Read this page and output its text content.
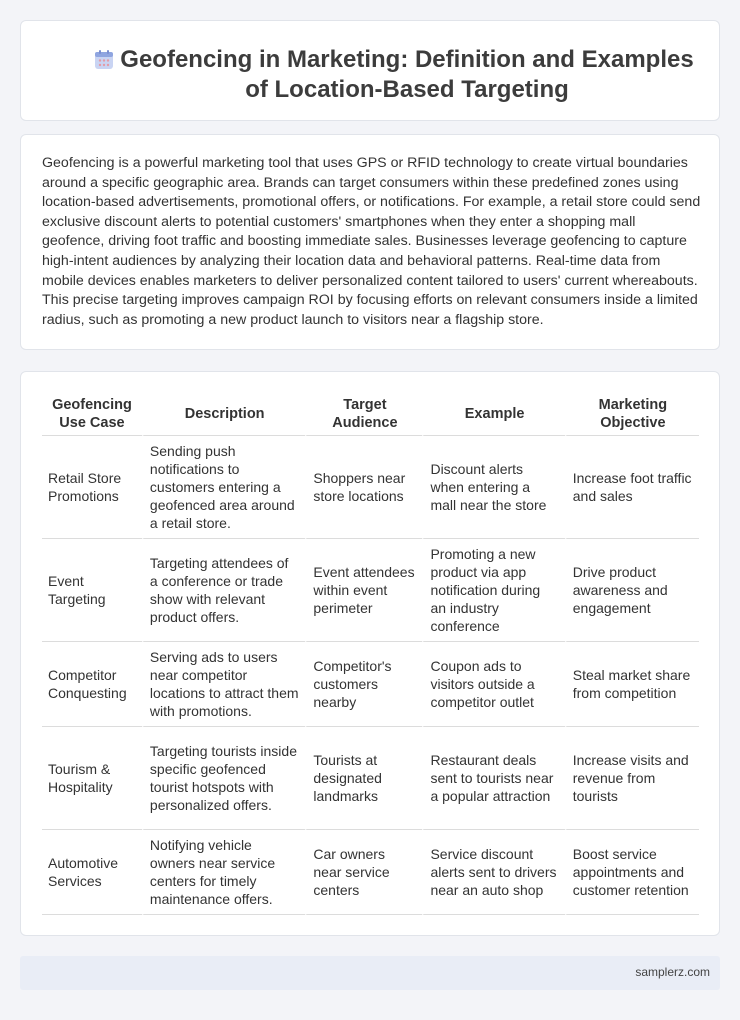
Geofencing in Marketing: Definition and Examples of Location-Based Targeting

Geofencing is a powerful marketing tool that uses GPS or RFID technology to create virtual boundaries around a specific geographic area. Brands can target consumers within these predefined zones using location-based advertisements, promotional offers, or notifications. For example, a retail store could send exclusive discount alerts to potential customers' smartphones when they enter a shopping mall geofence, driving foot traffic and boosting immediate sales. Businesses leverage geofencing to capture high-intent audiences by analyzing their location data and behavioral patterns. Real-time data from mobile devices enables marketers to deliver personalized content tailored to users' current whereabouts. This precise targeting improves campaign ROI by focusing efforts on relevant consumers inside a limited radius, such as promoting a new product launch to visitors near a flagship store.

Geofencing Use Case	Description	Target Audience	Example	Marketing Objective
Retail Store Promotions	Sending push notifications to customers entering a geofenced area around a retail store.	Shoppers near store locations	Discount alerts when entering a mall near the store	Increase foot traffic and sales
Event Targeting	Targeting attendees of a conference or trade show with relevant product offers.	Event attendees within event perimeter	Promoting a new product via app notification during an industry conference	Drive product awareness and engagement
Competitor Conquesting	Serving ads to users near competitor locations to attract them with promotions.	Competitor's customers nearby	Coupon ads to visitors outside a competitor outlet	Steal market share from competition
Tourism & Hospitality	Targeting tourists inside specific geofenced tourist hotspots with personalized offers.	Tourists at designated landmarks	Restaurant deals sent to tourists near a popular attraction	Increase visits and revenue from tourists
Automotive Services	Notifying vehicle owners near service centers for timely maintenance offers.	Car owners near service centers	Service discount alerts sent to drivers near an auto shop	Boost service appointments and customer retention
samplerz.com
